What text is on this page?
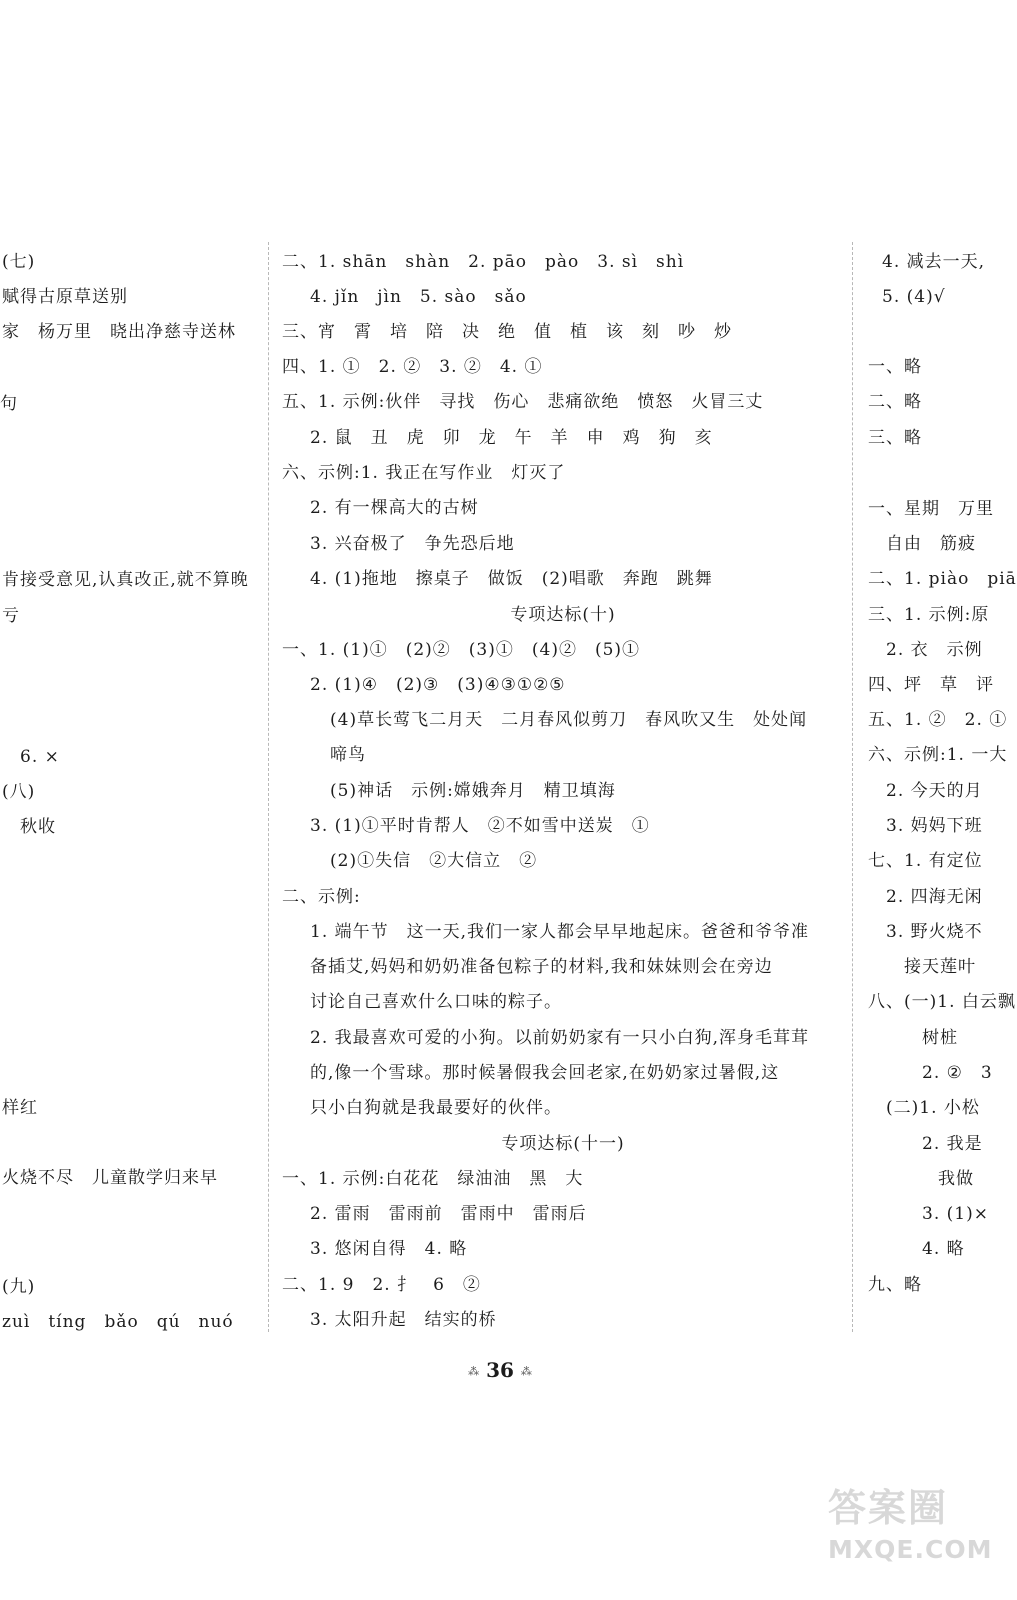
(七)
赋得古原草送别
家　杨万里　晓出净慈寺送林
句
肯接受意见,认真改正,就不算晚
亏
6. ×
(八)
秋收
样红
火烧不尽　儿童散学归来早
(九)
zuì　tíng　bǎo　qú　nuó
二、1. shān　shàn　2. pāo　pào　3. sì　shì
4. jǐn　jìn　5. sào　sǎo
三、宵　霄　培　陪　决　绝　值　植　该　刻　吵　炒
四、1. ①　2. ②　3. ②　4. ①
五、1. 示例:伙伴　寻找　伤心　悲痛欲绝　愤怒　火冒三丈
2. 鼠　丑　虎　卯　龙　午　羊　申　鸡　狗　亥
六、示例:1. 我正在写作业　灯灭了
2. 有一棵高大的古树
3. 兴奋极了　争先恐后地
4. (1)拖地　擦桌子　做饭　(2)唱歌　奔跑　跳舞
专项达标(十)
一、1. (1)①　(2)②　(3)①　(4)②　(5)①
2. (1)④　(2)③　(3)④③①②⑤
(4)草长莺飞二月天　二月春风似剪刀　春风吹又生　处处闻
啼鸟
(5)神话　示例:嫦娥奔月　精卫填海
3. (1)①平时肯帮人　②不如雪中送炭　①
(2)①失信　②大信立　②
二、示例:
1. 端午节　这一天,我们一家人都会早早地起床。爸爸和爷爷准
备插艾,妈妈和奶奶准备包粽子的材料,我和妹妹则会在旁边
讨论自己喜欢什么口味的粽子。
2. 我最喜欢可爱的小狗。以前奶奶家有一只小白狗,浑身毛茸茸
的,像一个雪球。那时候暑假我会回老家,在奶奶家过暑假,这
只小白狗就是我最要好的伙伴。
专项达标(十一)
一、1. 示例:白花花　绿油油　黑　大
2. 雷雨　雷雨前　雷雨中　雷雨后
3. 悠闲自得　4. 略
二、1. 9　2. 扌　6　②
3. 太阳升起　结实的桥
4. 减去一天,
5. (4)√
一、略
二、略
三、略
一、星期　万里
自由　筋疲
二、1. piào　piā
三、1. 示例:原
2. 衣　示例
四、坪　草　评
五、1. ②　2. ①
六、示例:1. 一大
2. 今天的月
3. 妈妈下班
七、1. 有定位
2. 四海无闲
3. 野火烧不
接天莲叶
八、(一)1. 白云飘
树桩
2. ②　3
(二)1. 小松
2. 我是
我做
3. (1)×
4. 略
九、略
⁂ 36 ⁂
答案圈
MXQE.COM
